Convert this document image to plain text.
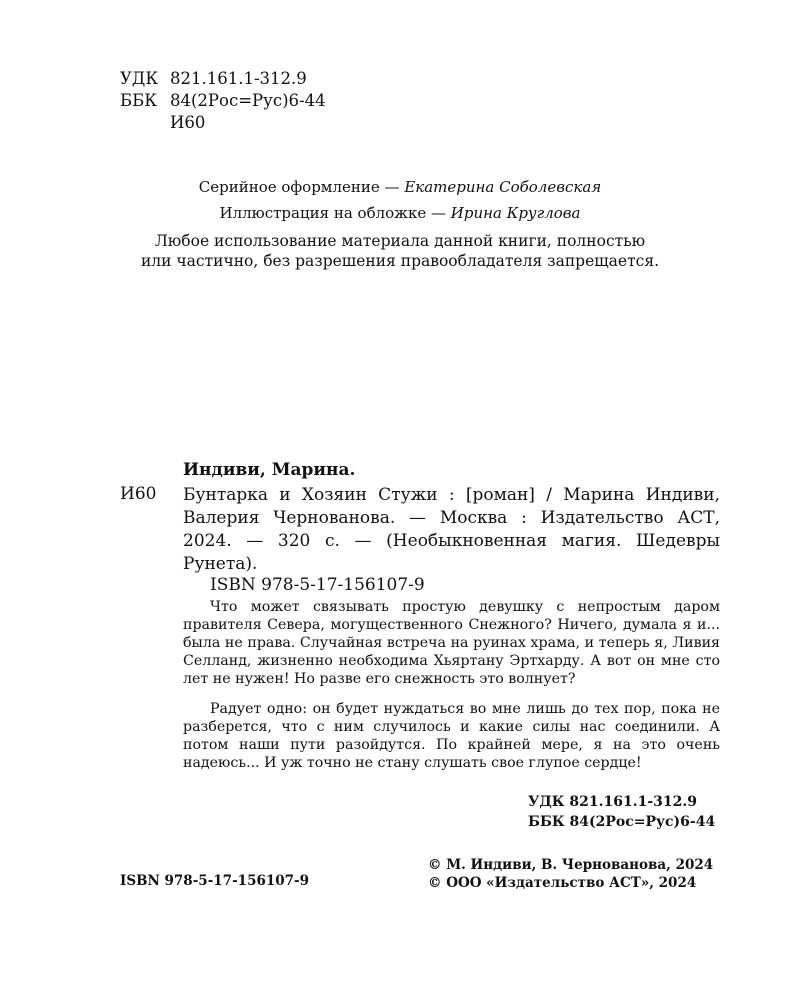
УДК 821.161.1-312.9
ББК 84(2Рос=Рус)6-44
И60
Серийное оформление — Екатерина Соболевская
Иллюстрация на обложке — Ирина Круглова
Любое использование материала данной книги, полностью
или частично, без разрешения правообладателя запрещается.
Индиви, Марина.
И60 Бунтарка и Хозяин Стужи : [роман] / Марина Индиви, Валерия Чернованова. — Москва : Издательство АСТ, 2024. — 320 с. — (Необыкновенная магия. Шедевры Рунета).
ISBN 978-5-17-156107-9

Что может связывать простую девушку с непростым даром правителя Севера, могущественного Снежного? Ничего, думала я и... была не права. Случайная встреча на руинах храма, и теперь я, Ливия Селланд, жизненно необходима Хьяртану Эртхарду. А вот он мне сто лет не нужен! Но разве его снежность это волнует?

Радует одно: он будет нуждаться во мне лишь до тех пор, пока не разберется, что с ним случилось и какие силы нас соединили. А потом наши пути разойдутся. По крайней мере, я на это очень надеюсь... И уж точно не стану слушать свое глупое сердце!

УДК 821.161.1-312.9
ББК 84(2Рос=Рус)6-44
ISBN 978-5-17-156107-9
© М. Индиви, В. Чернованова, 2024
© ООО «Издательство АСТ», 2024
